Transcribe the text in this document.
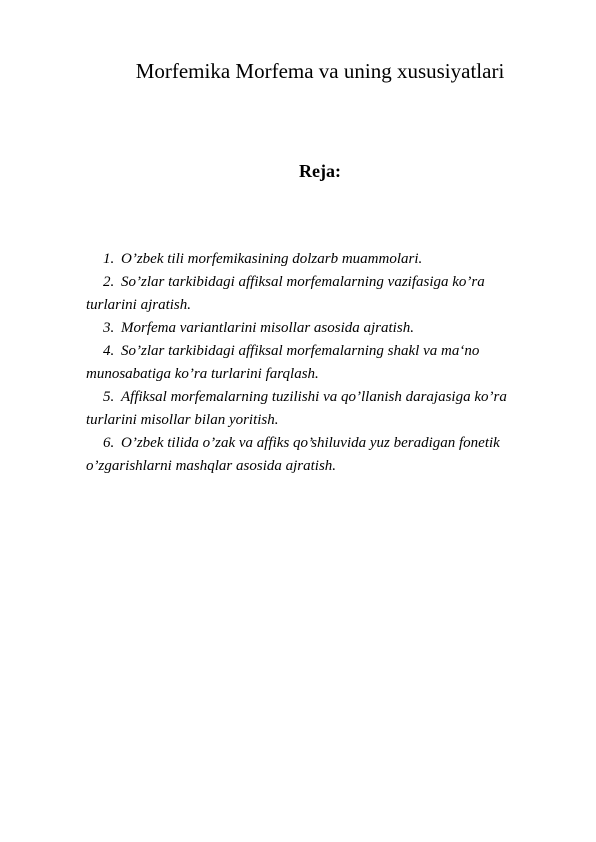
Morfemika Morfema va uning xususiyatlari
Reja:
1. O’zbek tili morfemikasining dolzarb muammolari.
2. So’zlar tarkibidagi affiksal morfemalarning vazifasiga ko’ra turlarini ajratish.
3. Morfema variantlarini misollar asosida ajratish.
4. So’zlar tarkibidagi affiksal morfemalarning shakl va ma‘no munosabatiga ko’ra turlarini farqlash.
5. Affiksal morfemalarning tuzilishi va qo’llanish darajasiga ko’ra turlarini misollar bilan yoritish.
6. O’zbek tilida o’zak va affiks qo’shiluvida yuz beradigan fonetik o’zgarishlarni mashqlar asosida ajratish.
